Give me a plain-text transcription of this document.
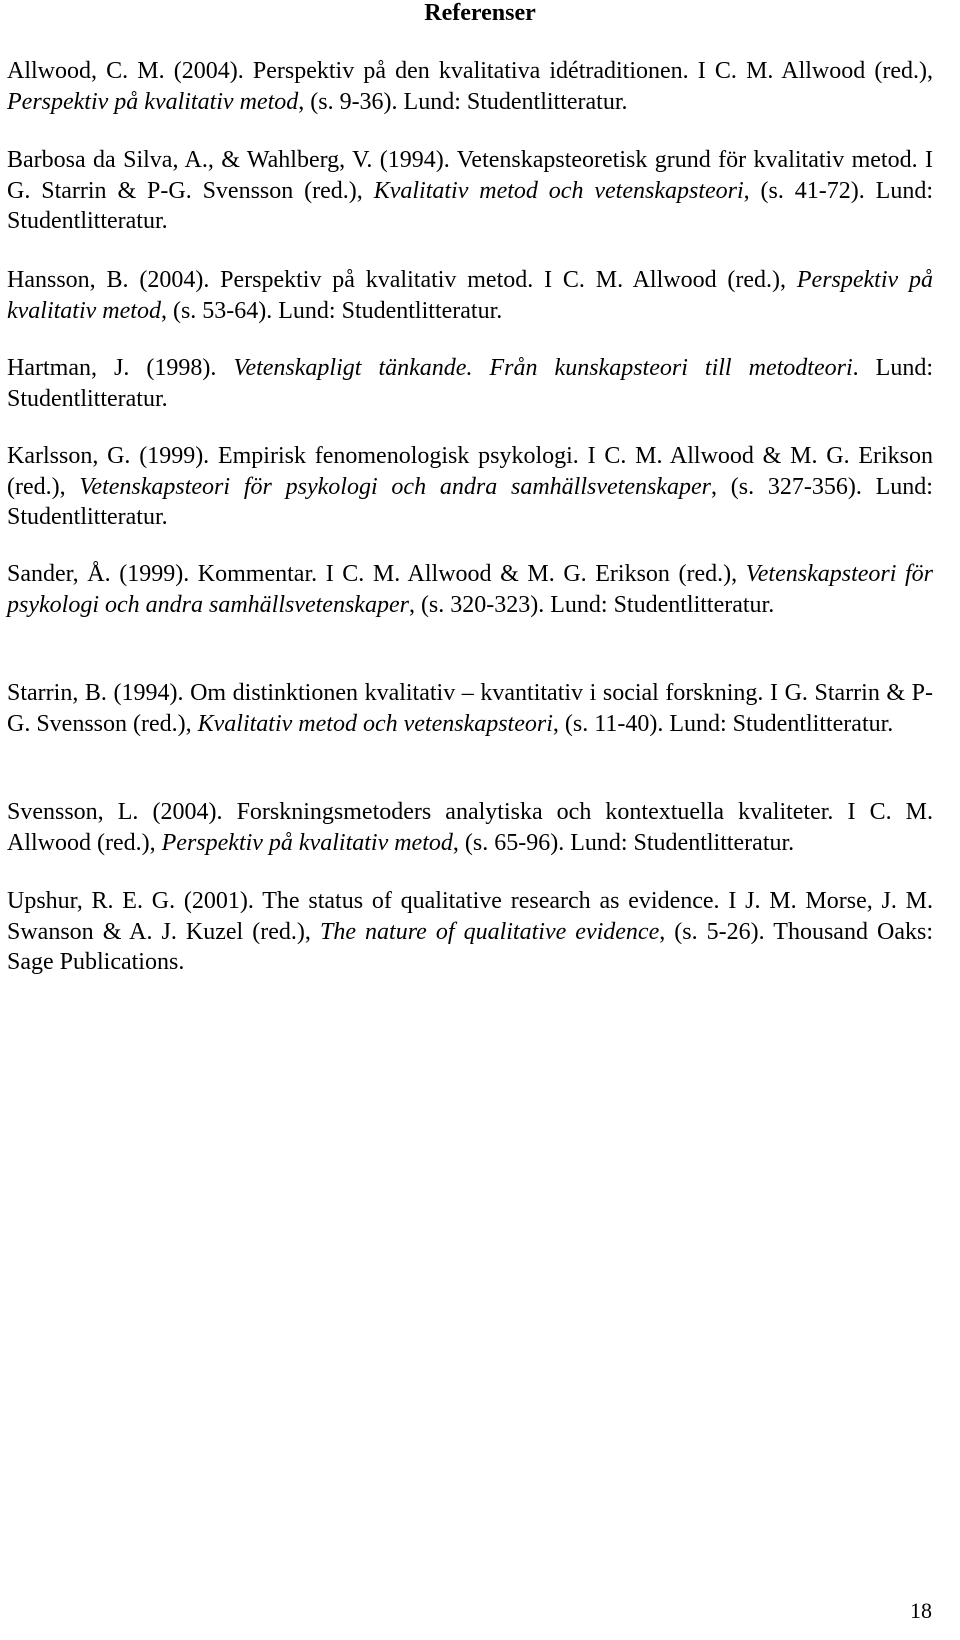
Referenser
Allwood, C. M. (2004). Perspektiv på den kvalitativa idétraditionen. I C. M. Allwood (red.), Perspektiv på kvalitativ metod, (s. 9-36). Lund: Studentlitteratur.
Barbosa da Silva, A., & Wahlberg, V. (1994). Vetenskapsteoretisk grund för kvalitativ metod. I G. Starrin & P-G. Svensson (red.), Kvalitativ metod och vetenskapsteori, (s. 41-72). Lund: Studentlitteratur.
Hansson, B. (2004). Perspektiv på kvalitativ metod. I C. M. Allwood (red.), Perspektiv på kvalitativ metod, (s. 53-64). Lund: Studentlitteratur.
Hartman, J. (1998). Vetenskapligt tänkande. Från kunskapsteori till metodteori. Lund: Studentlitteratur.
Karlsson, G. (1999). Empirisk fenomenologisk psykologi. I C. M. Allwood & M. G. Erikson (red.), Vetenskapsteori för psykologi och andra samhällsvetenskaper, (s. 327-356). Lund: Studentlitteratur.
Sander, Å. (1999). Kommentar. I C. M. Allwood & M. G. Erikson (red.), Vetenskapsteori för psykologi och andra samhällsvetenskaper, (s. 320-323). Lund: Studentlitteratur.
Starrin, B. (1994). Om distinktionen kvalitativ – kvantitativ i social forskning. I G. Starrin & P-G. Svensson (red.), Kvalitativ metod och vetenskapsteori, (s. 11-40). Lund: Studentlitteratur.
Svensson, L. (2004). Forskningsmetoders analytiska och kontextuella kvaliteter. I C. M. Allwood (red.), Perspektiv på kvalitativ metod, (s. 65-96). Lund: Studentlitteratur.
Upshur, R. E. G. (2001). The status of qualitative research as evidence. I J. M. Morse, J. M. Swanson & A. J. Kuzel (red.), The nature of qualitative evidence, (s. 5-26). Thousand Oaks: Sage Publications.
18
